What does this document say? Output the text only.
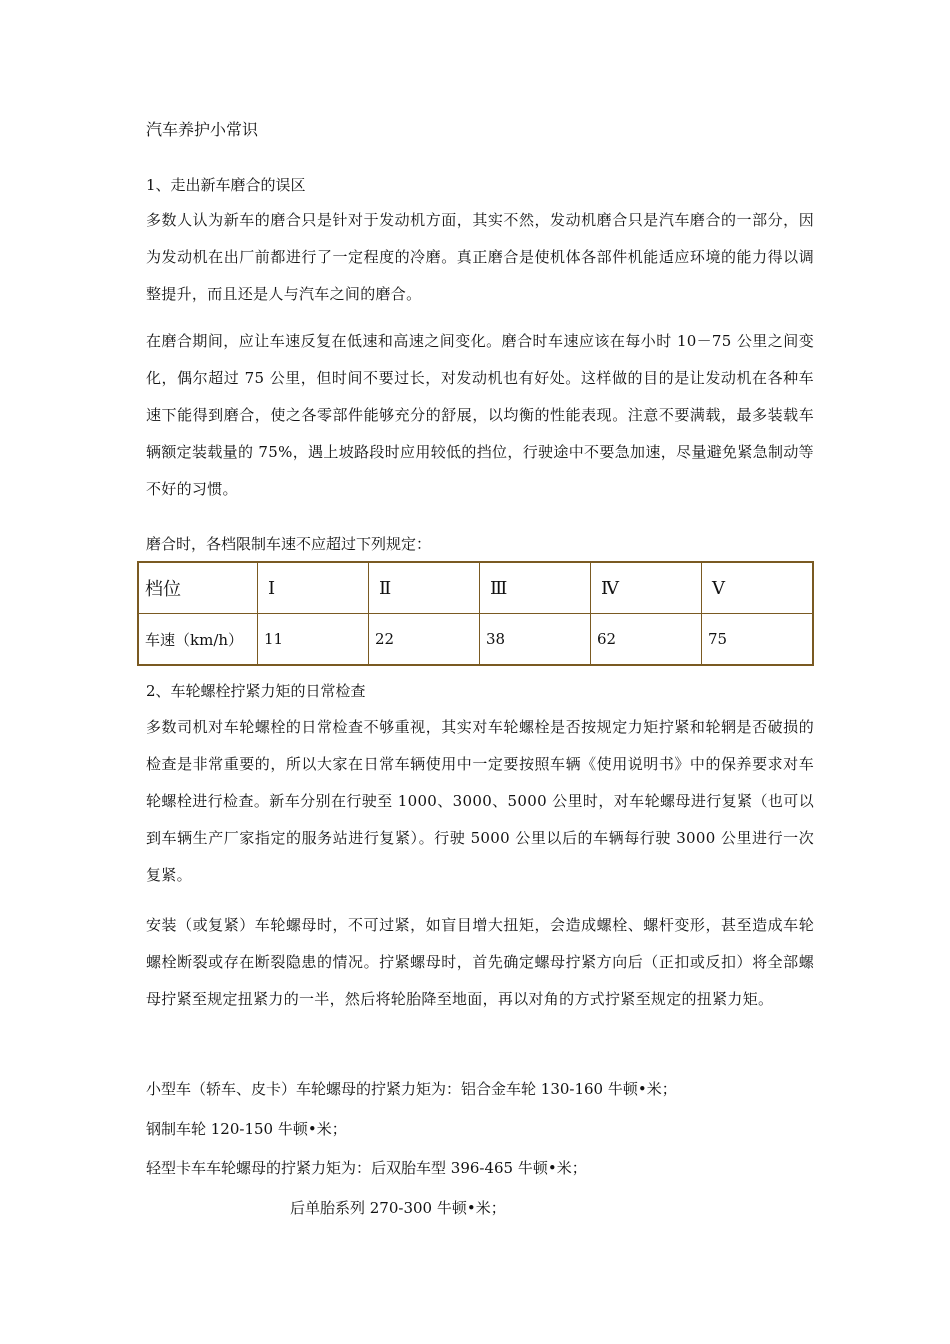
汽车养护小常识
1、走出新车磨合的误区
多数人认为新车的磨合只是针对于发动机方面，其实不然，发动机磨合只是汽车磨合的一部分，因为发动机在出厂前都进行了一定程度的冷磨。真正磨合是使机体各部件机能适应环境的能力得以调整提升，而且还是人与汽车之间的磨合。
在磨合期间，应让车速反复在低速和高速之间变化。磨合时车速应该在每小时 10－75 公里之间变化，偶尔超过 75 公里，但时间不要过长，对发动机也有好处。这样做的目的是让发动机在各种车速下能得到磨合，使之各零部件能够充分的舒展，以均衡的性能表现。注意不要满载，最多装载车辆额定装载量的 75%，遇上坡路段时应用较低的挡位，行驶途中不要急加速，尽量避免紧急制动等不好的习惯。
磨合时，各档限制车速不应超过下列规定：
档位	Ⅰ	Ⅱ	Ⅲ	Ⅳ	Ⅴ
车速（km/h）	11	22	38	62	75
2、车轮螺栓拧紧力矩的日常检查
多数司机对车轮螺栓的日常检查不够重视，其实对车轮螺栓是否按规定力矩拧紧和轮辋是否破损的检查是非常重要的，所以大家在日常车辆使用中一定要按照车辆《使用说明书》中的保养要求对车轮螺栓进行检查。新车分别在行驶至 1000、3000、5000 公里时，对车轮螺母进行复紧（也可以到车辆生产厂家指定的服务站进行复紧）。行驶 5000 公里以后的车辆每行驶 3000 公里进行一次复紧。
安装（或复紧）车轮螺母时，不可过紧，如盲目增大扭矩，会造成螺栓、螺杆变形，甚至造成车轮螺栓断裂或存在断裂隐患的情况。拧紧螺母时，首先确定螺母拧紧方向后（正扣或反扣）将全部螺母拧紧至规定扭紧力的一半，然后将轮胎降至地面，再以对角的方式拧紧至规定的扭紧力矩。
小型车（轿车、皮卡）车轮螺母的拧紧力矩为：铝合金车轮 130-160 牛顿•米；
钢制车轮 120-150 牛顿•米；
轻型卡车车轮螺母的拧紧力矩为：后双胎车型 396-465 牛顿•米；
后单胎系列 270-300 牛顿•米；
